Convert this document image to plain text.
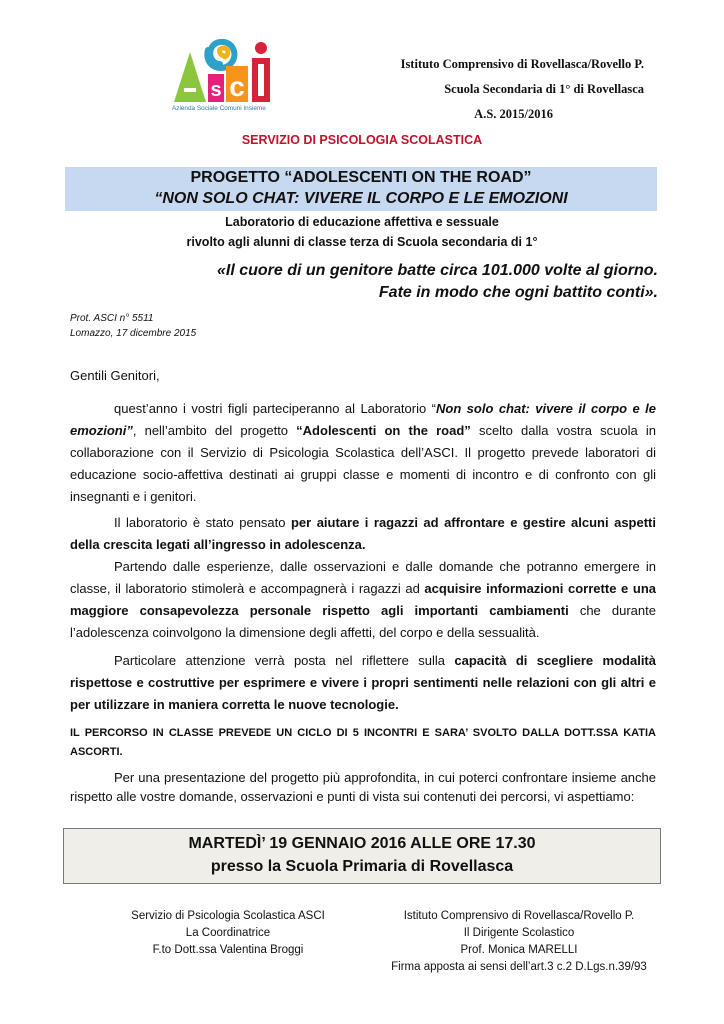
s c
Azienda Sociale Comuni Insieme
Istituto Comprensivo di Rovellasca/Rovello P.
Scuola Secondaria di 1° di Rovellasca
A.S. 2015/2016
SERVIZIO DI PSICOLOGIA SCOLASTICA
PROGETTO “ADOLESCENTI ON THE ROAD”
“NON SOLO CHAT: VIVERE IL CORPO E LE EMOZIONI
Laboratorio di educazione affettiva e sessuale
rivolto agli alunni di classe terza di Scuola secondaria di 1°
«Il cuore di un genitore batte circa 101.000 volte al giorno.
Fate in modo che ogni battito conti».
Prot. ASCI n° 5511
Lomazzo, 17 dicembre 2015
Gentili Genitori,

quest’anno i vostri figli parteciperanno al Laboratorio “Non solo chat: vivere il corpo e le emozioni”, nell’ambito del progetto “Adolescenti on the road” scelto dalla vostra scuola in collaborazione con il Servizio di Psicologia Scolastica dell’ASCI. Il progetto prevede laboratori di educazione socio-affettiva destinati ai gruppi classe e momenti di incontro e di confronto con gli insegnanti e i genitori.

Il laboratorio è stato pensato per aiutare i ragazzi ad affrontare e gestire alcuni aspetti della crescita legati all’ingresso in adolescenza.

Partendo dalle esperienze, dalle osservazioni e dalle domande che potranno emergere in classe, il laboratorio stimolerà e accompagnerà i ragazzi ad acquisire informazioni corrette e una maggiore consapevolezza personale rispetto agli importanti cambiamenti che durante l’adolescenza coinvolgono la dimensione degli affetti, del corpo e della sessualità.

Particolare attenzione verrà posta nel riflettere sulla capacità di scegliere modalità rispettose e costruttive per esprimere e vivere i propri sentimenti nelle relazioni con gli altri e per utilizzare in maniera corretta le nuove tecnologie.

IL PERCORSO IN CLASSE PREVEDE UN CICLO DI 5 INCONTRI E SARA’ SVOLTO DALLA DOTT.SSA KATIA ASCORTI.

Per una presentazione del progetto più approfondita, in cui poterci confrontare insieme anche rispetto alle vostre domande, osservazioni e punti di vista sui contenuti dei percorsi, vi aspettiamo:

MARTEDÌ’ 19 GENNAIO 2016 ALLE ORE 17.30
presso la Scuola Primaria di Rovellasca
Servizio di Psicologia Scolastica ASCI
La Coordinatrice
F.to Dott.ssa Valentina Broggi
Istituto Comprensivo di Rovellasca/Rovello P.
Il Dirigente Scolastico
Prof. Monica MARELLI
Firma apposta ai sensi dell’art.3 c.2 D.Lgs.n.39/93
